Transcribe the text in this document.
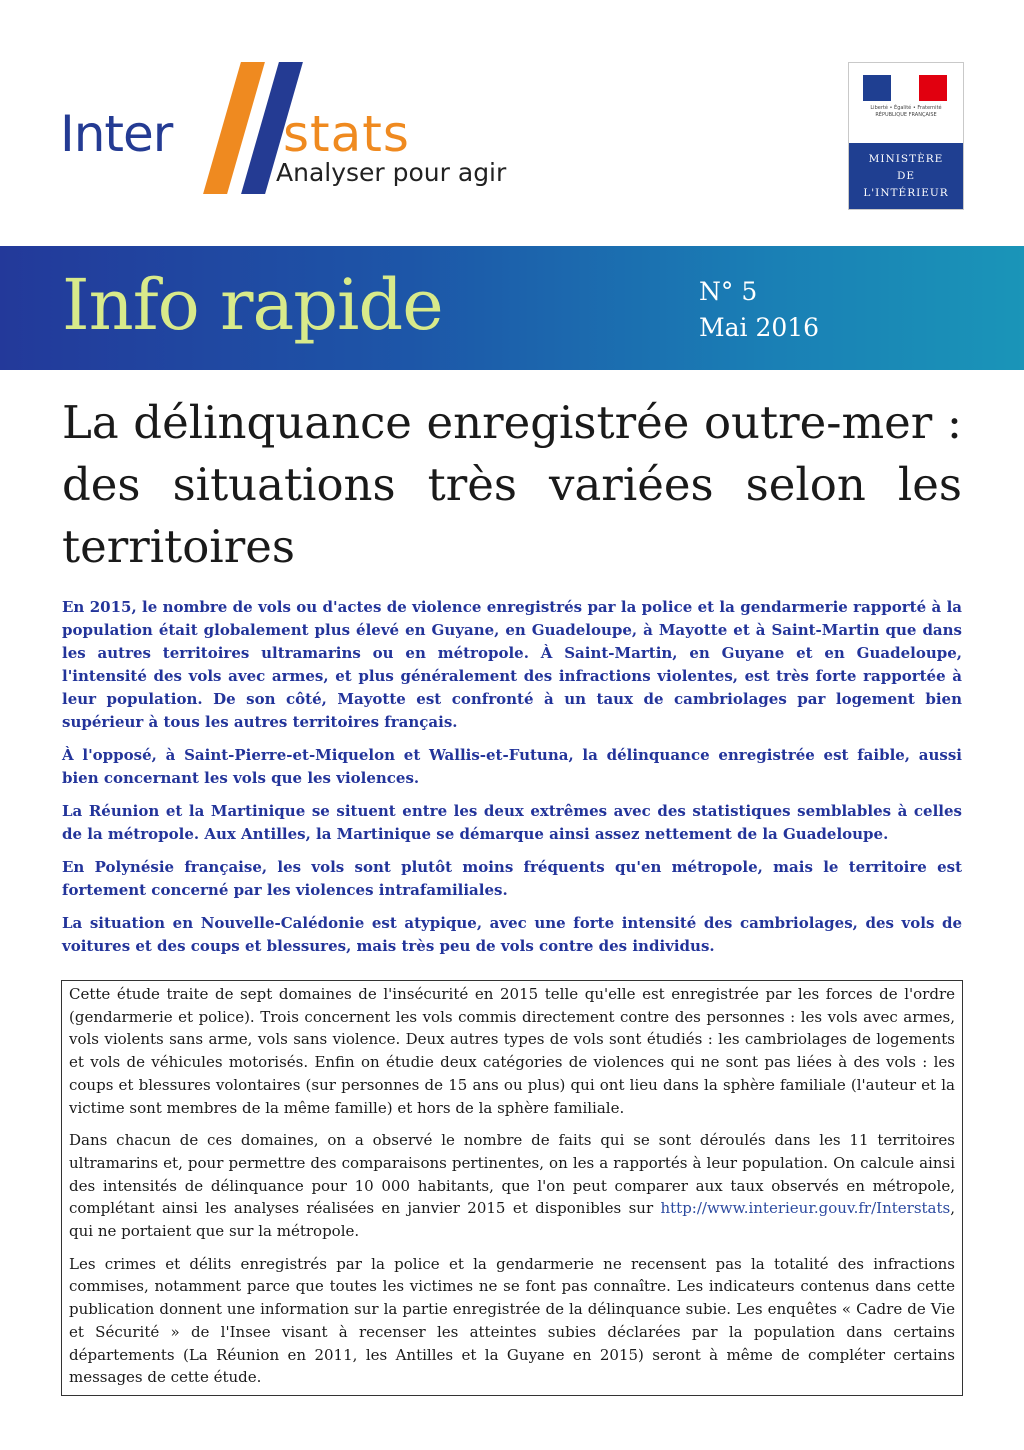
Inter stats
Analyser pour agir
Liberté • Égalité • Fraternité RÉPUBLIQUE FRANÇAISE
MINISTÈRE
DE
L'INTÉRIEUR
Info rapide	N° 5
Mai 2016
La délinquance enregistrée outre-mer : des situations très variées selon les territoires

En 2015, le nombre de vols ou d'actes de violence enregistrés par la police et la gendarmerie rapporté à la population était globalement plus élevé en Guyane, en Guadeloupe, à Mayotte et à Saint-Martin que dans les autres territoires ultramarins ou en métropole. À Saint-Martin, en Guyane et en Guadeloupe, l'intensité des vols avec armes, et plus généralement des infractions violentes, est très forte rapportée à leur population. De son côté, Mayotte est confronté à un taux de cambriolages par logement bien supérieur à tous les autres territoires français.

À l'opposé, à Saint-Pierre-et-Miquelon et Wallis-et-Futuna, la délinquance enregistrée est faible, aussi bien concernant les vols que les violences.

La Réunion et la Martinique se situent entre les deux extrêmes avec des statistiques semblables à celles de la métropole. Aux Antilles, la Martinique se démarque ainsi assez nettement de la Guadeloupe.

En Polynésie française, les vols sont plutôt moins fréquents qu'en métropole, mais le territoire est fortement concerné par les violences intrafamiliales.

La situation en Nouvelle-Calédonie est atypique, avec une forte intensité des cambriolages, des vols de voitures et des coups et blessures, mais très peu de vols contre des individus.

Cette étude traite de sept domaines de l'insécurité en 2015 telle qu'elle est enregistrée par les forces de l'ordre (gendarmerie et police). Trois concernent les vols commis directement contre des personnes : les vols avec armes, vols violents sans arme, vols sans violence. Deux autres types de vols sont étudiés : les cambriolages de logements et vols de véhicules motorisés. Enfin on étudie deux catégories de violences qui ne sont pas liées à des vols : les coups et blessures volontaires (sur personnes de 15 ans ou plus) qui ont lieu dans la sphère familiale (l'auteur et la victime sont membres de la même famille) et hors de la sphère familiale.

Dans chacun de ces domaines, on a observé le nombre de faits qui se sont déroulés dans les 11 territoires ultramarins et, pour permettre des comparaisons pertinentes, on les a rapportés à leur population. On calcule ainsi des intensités de délinquance pour 10 000 habitants, que l'on peut comparer aux taux observés en métropole, complétant ainsi les analyses réalisées en janvier 2015 et disponibles sur http://www.interieur.gouv.fr/Interstats, qui ne portaient que sur la métropole.

Les crimes et délits enregistrés par la police et la gendarmerie ne recensent pas la totalité des infractions commises, notamment parce que toutes les victimes ne se font pas connaître. Les indicateurs contenus dans cette publication donnent une information sur la partie enregistrée de la délinquance subie. Les enquêtes « Cadre de Vie et Sécurité » de l'Insee visant à recenser les atteintes subies déclarées par la population dans certains départements (La Réunion en 2011, les Antilles et la Guyane en 2015) seront à même de compléter certains messages de cette étude.
